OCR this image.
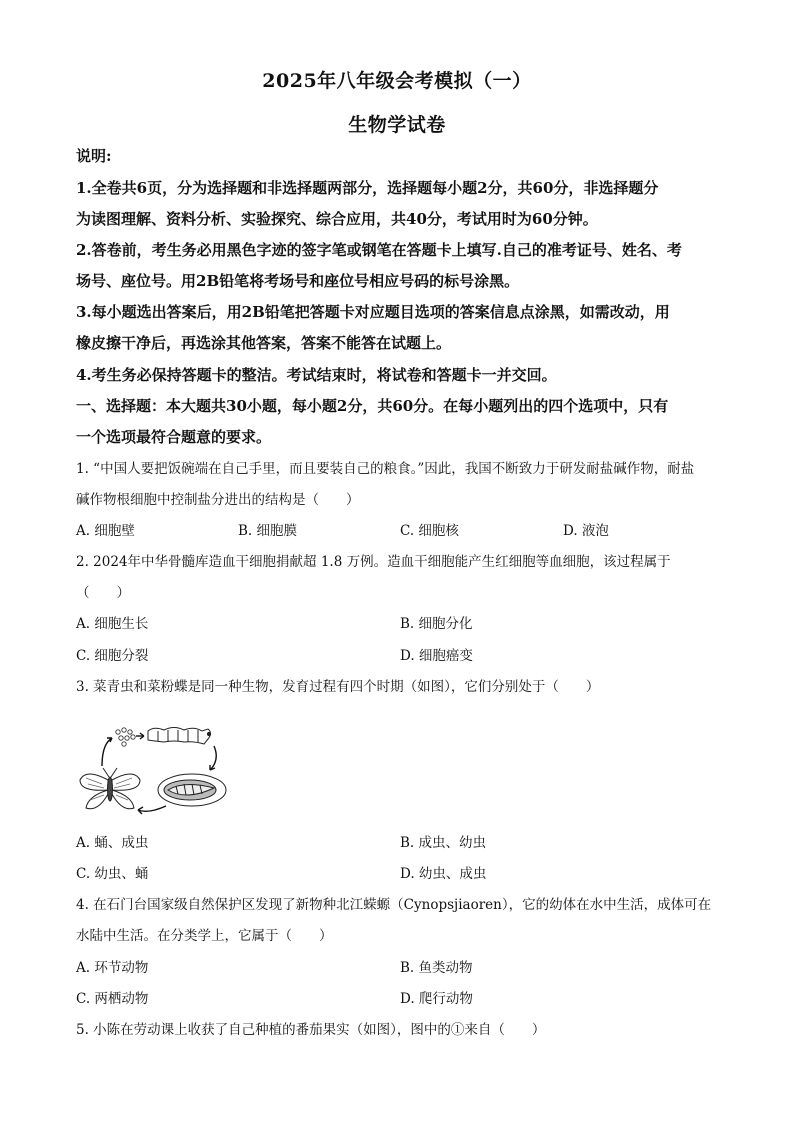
2025年八年级会考模拟（一）
生物学试卷
说明:
1.全卷共6页，分为选择题和非选择题两部分，选择题每小题2分，共60分，非选择题分
为读图理解、资料分析、实验探究、综合应用，共40分，考试用时为60分钟。
2.答卷前，考生务必用黑色字迹的签字笔或钢笔在答题卡上填写.自己的准考证号、姓名、考
场号、座位号。用2B铅笔将考场号和座位号相应号码的标号涂黑。
3.每小题选出答案后，用2B铅笔把答题卡对应题目选项的答案信息点涂黑，如需改动，用
橡皮擦干净后，再选涂其他答案，答案不能答在试题上。
4.考生务必保持答题卡的整洁。考试结束时，将试卷和答题卡一并交回。
一、选择题：本大题共30小题，每小题2分，共60分。在每小题列出的四个选项中，只有
一个选项最符合题意的要求。
1. “中国人要把饭碗端在自己手里，而且要装自己的粮食。”因此，我国不断致力于研发耐盐碱作物，耐盐
碱作物根细胞中控制盐分进出的结构是（　　）
A. 细胞壁	B. 细胞膜	C. 细胞核	D. 液泡
2. 2024年中华骨髓库造血干细胞捐献超 1.8 万例。造血干细胞能产生红细胞等血细胞，该过程属于
（　　）
A. 细胞生长	B. 细胞分化
C. 细胞分裂	D. 细胞癌变
3. 菜青虫和菜粉蝶是同一种生物，发育过程有四个时期（如图），它们分别处于（　　）
A. 蛹、成虫	B. 成虫、幼虫
C. 幼虫、蛹	D. 幼虫、成虫
4. 在石门台国家级自然保护区发现了新物种北江蝾螈（Cynopsjiaoren），它的幼体在水中生活，成体可在
水陆中生活。在分类学上，它属于（　　）
A. 环节动物	B. 鱼类动物
C. 两栖动物	D. 爬行动物
5. 小陈在劳动课上收获了自己种植的番茄果实（如图），图中的①来自（　　）
